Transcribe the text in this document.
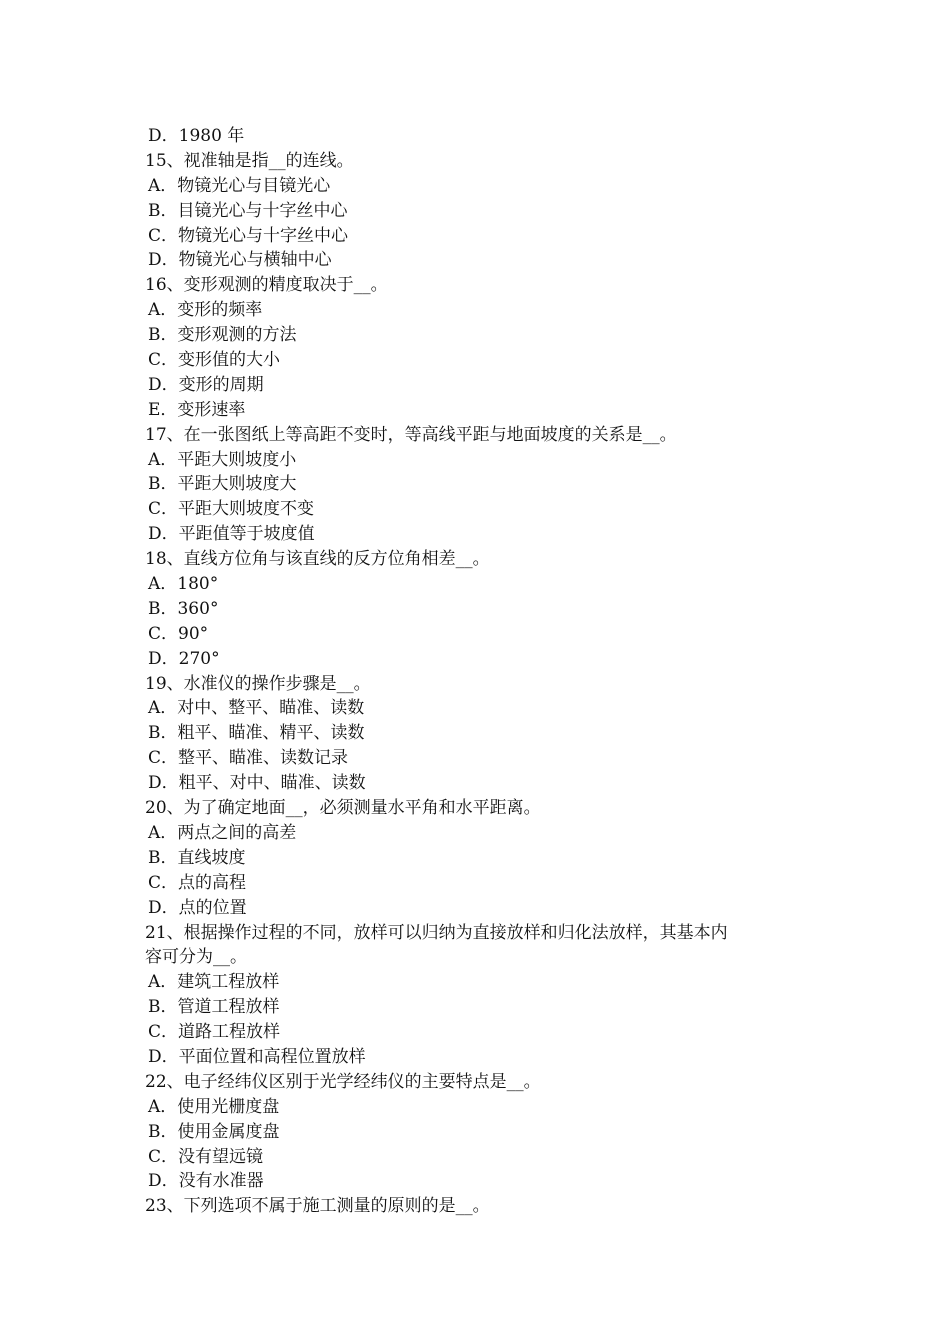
D．1980 年

15、视准轴是指__的连线。

A．物镜光心与目镜光心

B．目镜光心与十字丝中心

C．物镜光心与十字丝中心

D．物镜光心与横轴中心

16、变形观测的精度取决于__。

A．变形的频率

B．变形观测的方法

C．变形值的大小

D．变形的周期

E．变形速率

17、在一张图纸上等高距不变时，等高线平距与地面坡度的关系是__。

A．平距大则坡度小

B．平距大则坡度大

C．平距大则坡度不变

D．平距值等于坡度值

18、直线方位角与该直线的反方位角相差__。

A．180°

B．360°

C．90°

D．270°

19、水准仪的操作步骤是__。

A．对中、整平、瞄准、读数

B．粗平、瞄准、精平、读数

C．整平、瞄准、读数记录

D．粗平、对中、瞄准、读数

20、为了确定地面__，必须测量水平角和水平距离。

A．两点之间的高差

B．直线坡度

C．点的高程

D．点的位置

21、根据操作过程的不同，放样可以归纳为直接放样和归化法放样，其基本内

容可分为__。

A．建筑工程放样

B．管道工程放样

C．道路工程放样

D．平面位置和高程位置放样

22、电子经纬仪区别于光学经纬仪的主要特点是__。

A．使用光栅度盘

B．使用金属度盘

C．没有望远镜

D．没有水准器

23、下列选项不属于施工测量的原则的是__。
